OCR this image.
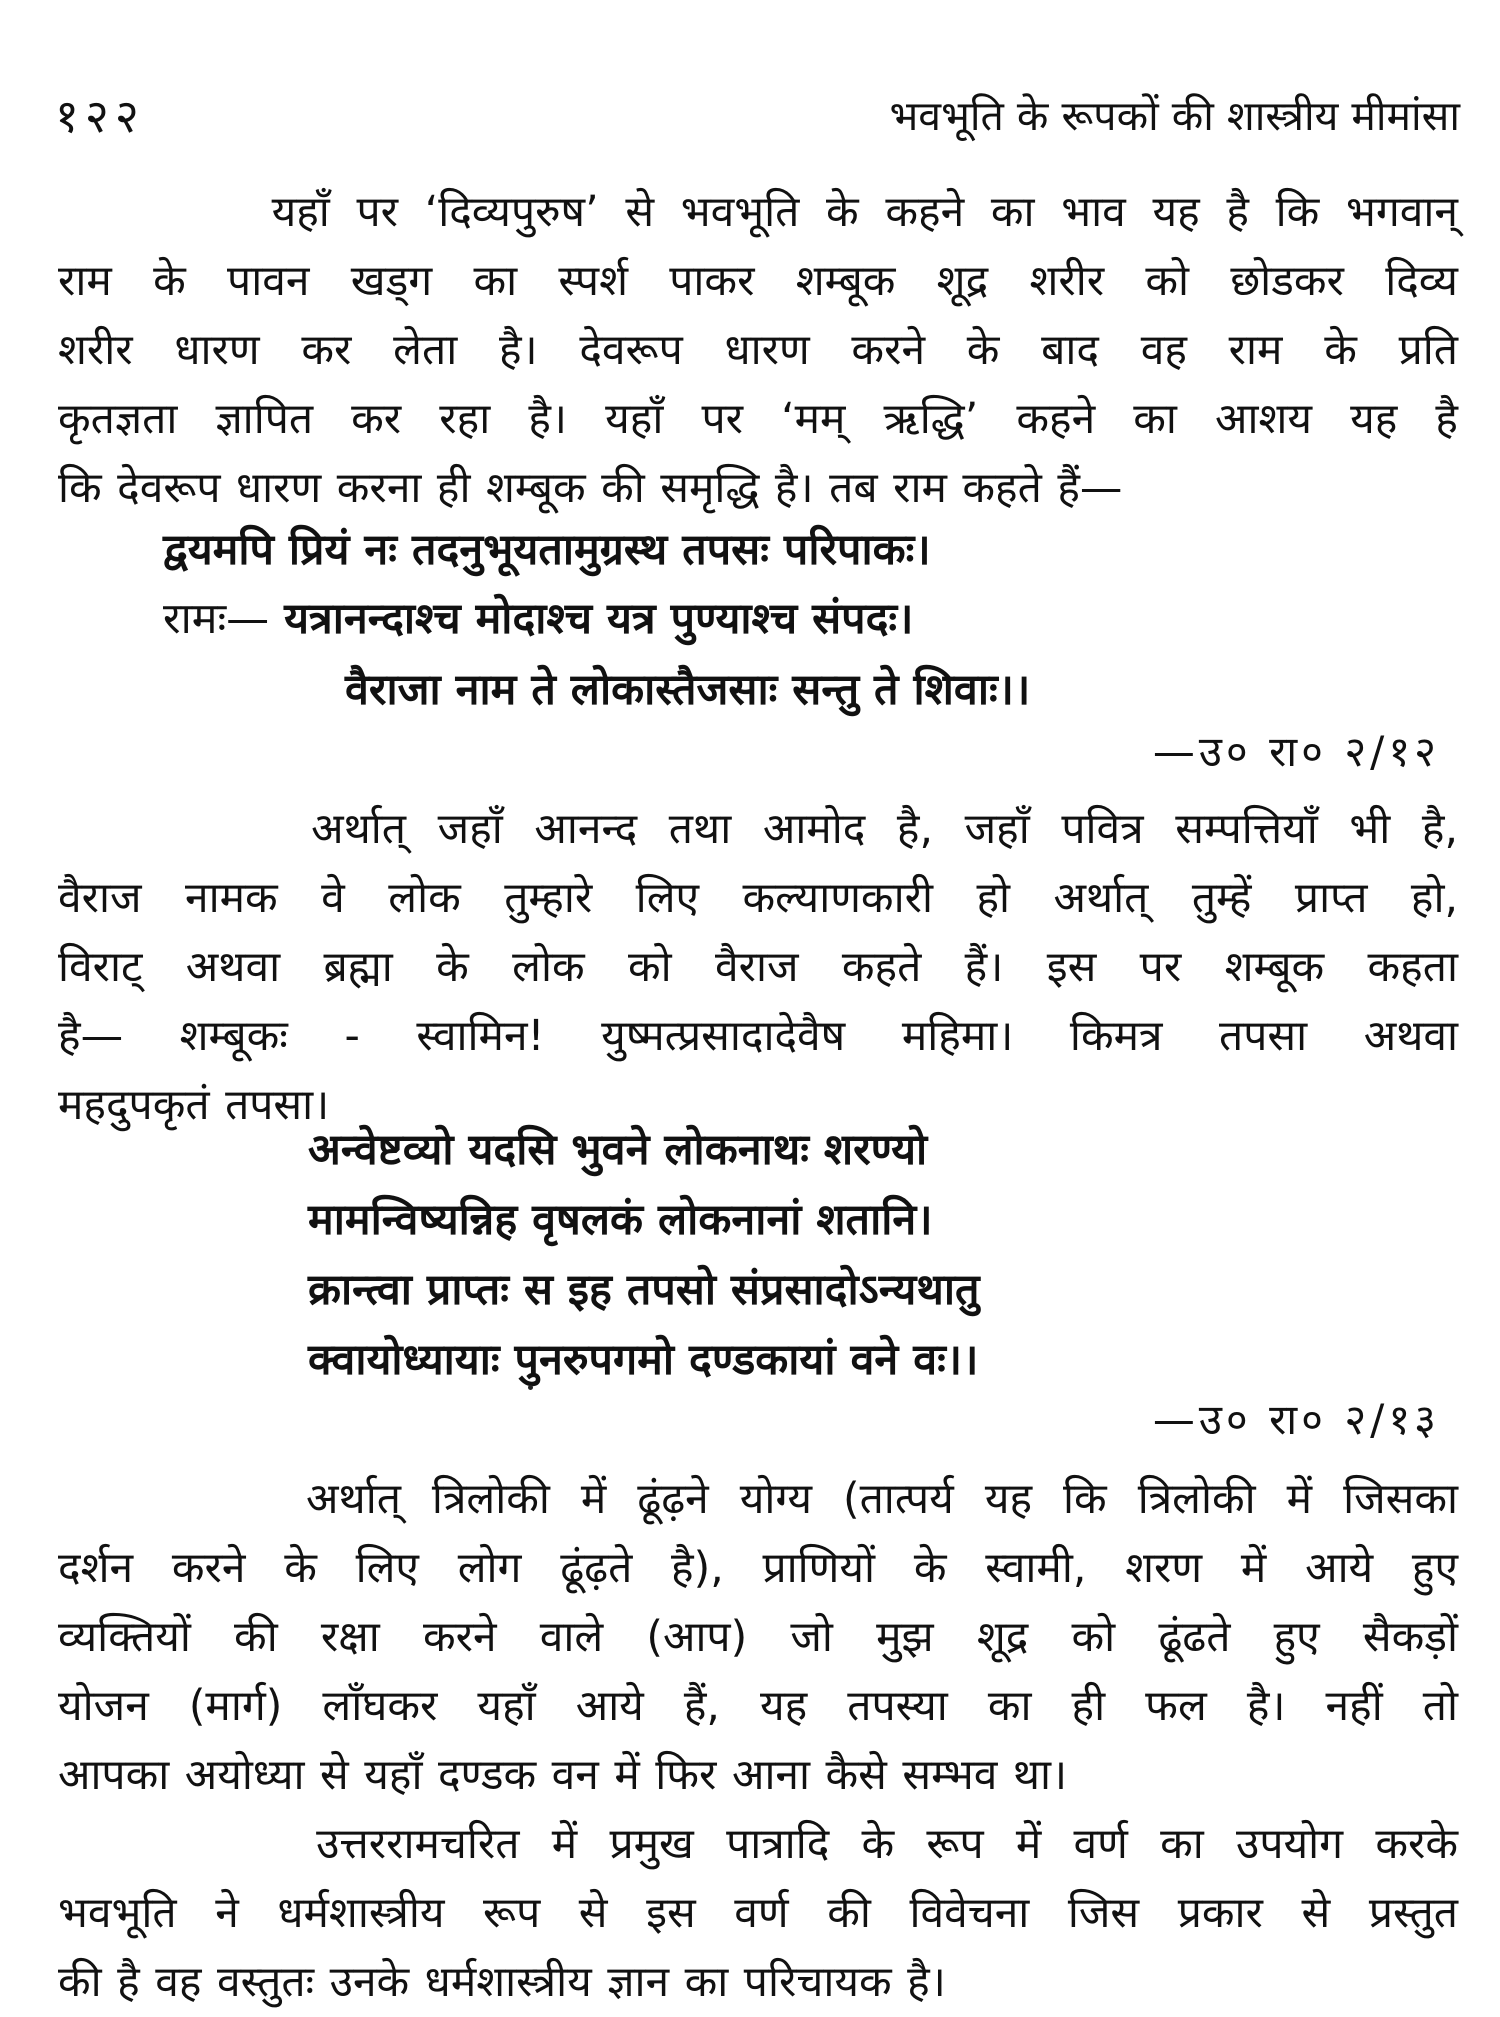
१२२	भवभूति के रूपकों की शास्त्रीय मीमांसा
यहाँ पर ‘दिव्यपुरुष’ से भवभूति के कहने का भाव यह है कि भगवान्
राम के पावन खड्ग का स्पर्श पाकर शम्बूक शूद्र शरीर को छोडकर दिव्य
शरीर धारण कर लेता है। देवरूप धारण करने के बाद वह राम के प्रति
कृतज्ञता ज्ञापित कर रहा है। यहाँ पर ‘मम् ऋद्धि’ कहने का आशय यह है
कि देवरूप धारण करना ही शम्बूक की समृद्धि है। तब राम कहते हैं—
द्वयमपि प्रियं नः तदनुभूयतामुग्रस्थ तपसः परिपाकः।
रामः— यत्रानन्दाश्च मोदाश्च यत्र पुण्याश्च संपदः।
वैराजा नाम ते लोकास्तैजसाः सन्तु ते शिवाः।।
—उ० रा० २/१२
अर्थात् जहाँ आनन्द तथा आमोद है, जहाँ पवित्र सम्पत्तियाँ भी है,
वैराज नामक वे लोक तुम्हारे लिए कल्याणकारी हो अर्थात् तुम्हें प्राप्त हो,
विराट् अथवा ब्रह्मा के लोक को वैराज कहते हैं। इस पर शम्बूक कहता
है— शम्बूकः - स्वामिन! युष्मत्प्रसादादेवैष महिमा। किमत्र तपसा अथवा
महदुपकृतं तपसा।
अन्वेष्टव्यो यदसि भुवने लोकनाथः शरण्यो
मामन्विष्यन्निह वृषलकं लोकनानां शतानि।
क्रान्त्वा प्राप्तः स इह तपसो संप्रसादोऽन्यथातु
क्वायोध्यायाः पुनरुपगमो दण्डकायां वने वः।।
—उ० रा० २/१३
अर्थात् त्रिलोकी में ढूंढ़ने योग्य (तात्पर्य यह कि त्रिलोकी में जिसका
दर्शन करने के लिए लोग ढूंढ़ते है), प्राणियों के स्वामी, शरण में आये हुए
व्यक्तियों की रक्षा करने वाले (आप) जो मुझ शूद्र को ढूंढते हुए सैकड़ों
योजन (मार्ग) लाँघकर यहाँ आये हैं, यह तपस्या का ही फल है। नहीं तो
आपका अयोध्या से यहाँ दण्डक वन में फिर आना कैसे सम्भव था।
उत्तररामचरित में प्रमुख पात्रादि के रूप में वर्ण का उपयोग करके
भवभूति ने धर्मशास्त्रीय रूप से इस वर्ण की विवेचना जिस प्रकार से प्रस्तुत
की है वह वस्तुतः उनके धर्मशास्त्रीय ज्ञान का परिचायक है।
